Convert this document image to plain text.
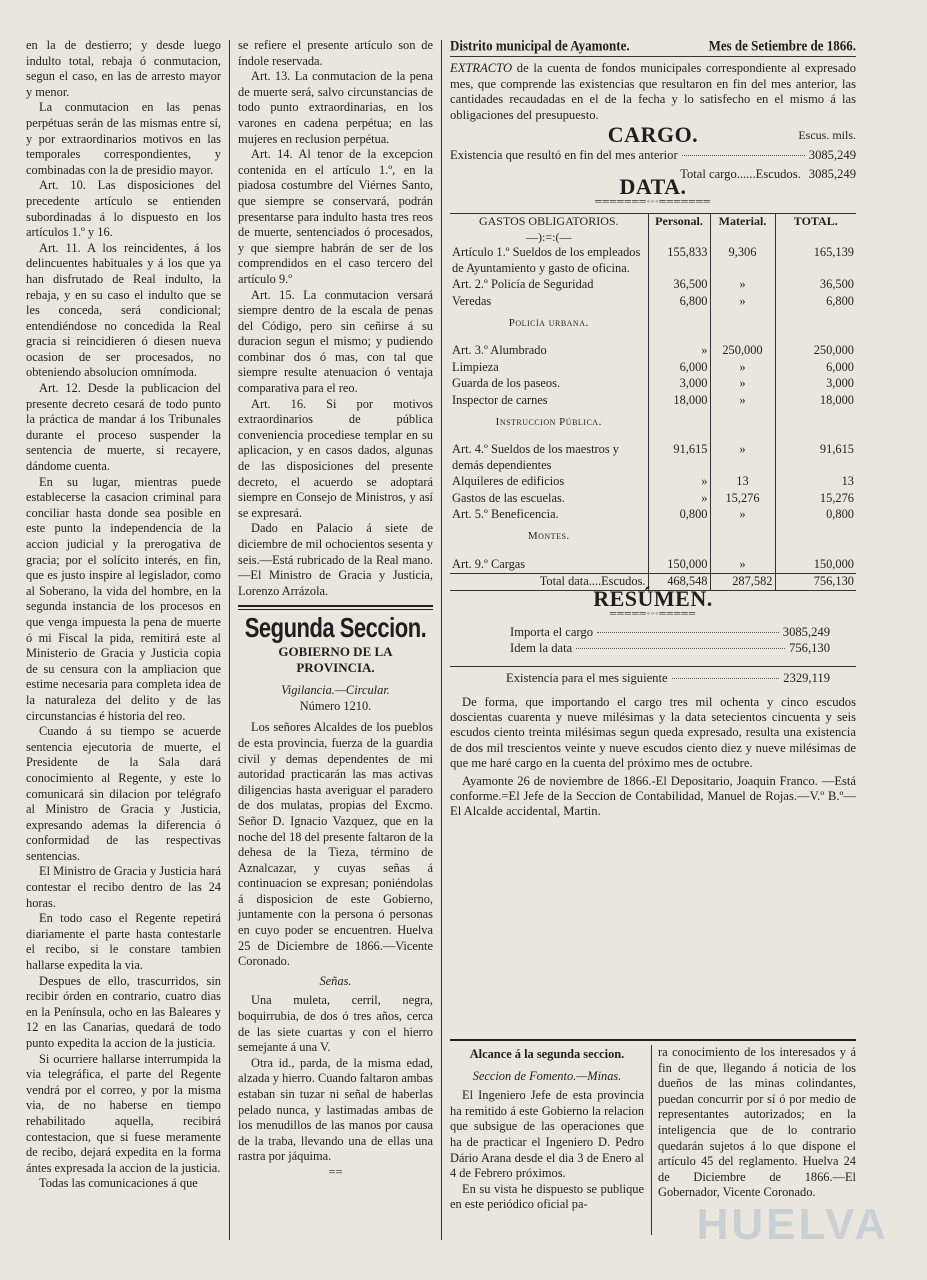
en la de destierro; y desde luego indulto total, rebaja ó conmutacion, segun el caso, en las de arresto mayor y menor.

La conmutacion en las penas perpétuas serán de las mismas entre sí, y por extraordinarios motivos en las temporales correspondientes, y combinadas con la de presidio mayor.

Art. 10. Las disposiciones del precedente artículo se entienden subordinadas á lo dispuesto en los artículos 1.º y 16.

Art. 11. A los reincidentes, á los delincuentes habituales y á los que ya han disfrutado de Real indulto, la rebaja, y en su caso el indulto que se les conceda, será condicional; entendiéndose no concedida la Real gracia si reincidieren ó diesen nueva ocasion de ser procesados, no obteniendo absolucion omnímoda.

Art. 12. Desde la publicacion del presente decreto cesará de todo punto la práctica de mandar á los Tribunales durante el proceso suspender la sentencia de muerte, si recayere, dándome cuenta.

En su lugar, mientras puede establecerse la casacion criminal para conciliar hasta donde sea posible en este punto la independencia de la accion judicial y la prerogativa de gracia; por el solícito interés, en fin, que es justo inspire al legislador, como al Soberano, la vida del hombre, en la segunda instancia de los procesos en que venga impuesta la pena de muerte ó mi Fiscal la pida, remitirá este al Ministerio de Gracia y Justicia copia de su censura con la ampliacion que estime necesaria para completa idea de la naturaleza del delito y de las circunstancias é historia del reo.

Cuando á su tiempo se acuerde sentencia ejecutoria de muerte, el Presidente de la Sala dará conocimiento al Regente, y este lo comunicará sin dilacion por telégrafo al Ministro de Gracia y Justicia, expresando ademas la diferencia ó conformidad de las respectivas sentencias.

El Ministro de Gracia y Justicia hará contestar el recibo dentro de las 24 horas.

En todo caso el Regente repetirá diariamente el parte hasta contestarle el recibo, si le constare tambien hallarse expedita la via.

Despues de ello, trascurridos, sin recibir órden en contrario, cuatro dias en la Península, ocho en las Baleares y 12 en las Canarias, quedará de todo punto expedita la accion de la justicia.

Si ocurriere hallarse interrumpida la via telegráfica, el parte del Regente vendrá por el correo, y por la misma via, de no haberse en tiempo rehabilitado aquella, recibirá contestacion, que si fuese meramente de recibo, dejará expedita en la forma ántes expresada la accion de la justicia.

Todas las comunicaciones á que

se refiere el presente artículo son de índole reservada.

Art. 13. La conmutacion de la pena de muerte será, salvo circunstancias de todo punto extraordinarias, en los varones en cadena perpétua; en las mujeres en reclusion perpétua.

Art. 14. Al tenor de la excepcion contenida en el artículo 1.º, en la piadosa costumbre del Viérnes Santo, que siempre se conservará, podrán presentarse para indulto hasta tres reos de muerte, sentenciados ó procesados, y que siempre habrán de ser de los comprendidos en el caso tercero del artículo 9.º

Art. 15. La conmutacion versará siempre dentro de la escala de penas del Código, pero sin ceñirse á su duracion segun el mismo; y pudiendo combinar dos ó mas, con tal que siempre resulte atenuacion ó ventaja comparativa para el reo.

Art. 16. Si por motivos extraordinarios de pública conveniencia procediese templar en su aplicacion, y en casos dados, algunas de las disposiciones del presente decreto, el acuerdo se adoptará siempre en Consejo de Ministros, y así se expresará.

Dado en Palacio á siete de diciembre de mil ochocientos sesenta y seis.—Está rubricado de la Real mano.—El Ministro de Gracia y Justicia, Lorenzo Arrázola.

Segunda Seccion.
GOBIERNO DE LA PROVINCIA.

Vigilancia.—Circular.

Número 1210.

Los señores Alcaldes de los pueblos de esta provincia, fuerza de la guardia civil y demas dependentes de mi autoridad practicarán las mas activas diligencias hasta averiguar el paradero de dos mulatas, propias del Excmo. Señor D. Ignacio Vazquez, que en la noche del 18 del presente faltaron de la dehesa de la Tieza, término de Aznalcazar, y cuyas señas á continuacion se expresan; poniéndolas á disposicion de este Gobierno, juntamente con la persona ó personas en cuyo poder se encuentren. Huelva 25 de Diciembre de 1866.—Vicente Coronado.

Señas.

Una muleta, cerril, negra, boquirrubia, de dos ó tres años, cerca de las siete cuartas y con el hierro semejante á una V.

Otra id., parda, de la misma edad, alzada y hierro. Cuando faltaron ambas estaban sin tuzar ni señal de haberlas pelado nunca, y lastimadas ambas de los menudillos de las manos por causa de la traba, llevando una de ellas una rastra por jáquima.

==

Distrito municipal de Ayamonte.	Mes de Setiembre de 1866.

EXTRACTO de la cuenta de fondos municipales correspondiente al expresado mes, que comprende las existencias que resultaron en fin del mes anterior, las cantidades recaudadas en el de la fecha y lo satisfecho en el mismo á las obligaciones del presupuesto.

CARGO.	Escus. mils.
Existencia que resultó en fin del mes anterior	3085,249
Total cargo......Escudos. 3085,249
DATA.
═══════◦◦◦═══════
GASTOS OBLIGATORIOS.
—):=:(—	Personal.	Material.	TOTAL.
Artículo 1.º Sueldos de los empleados de Ayuntamiento y gasto de oficina.	155,833	9,306	165,139
Art. 2.º Policía de Seguridad	36,500	»	36,500
Veredas	6,800	»	6,800
Policía urbana.			
Art. 3.º Alumbrado	»	250,000	250,000
Limpieza	6,000	»	6,000
Guarda de los paseos.	3,000	»	3,000
Inspector de carnes	18,000	»	18,000
Instruccion Pública.			
Art. 4.º Sueldos de los maestros y demás dependientes	91,615	»	91,615
Alquileres de edificios	»	13	13
Gastos de las escuelas.	»	15,276	15,276
Art. 5.º Beneficencia.	0,800	»	0,800
Montes.			
Art. 9.º Cargas	150,000	»	150,000
Total data....Escudos.	468,548	287,582	756,130
RESÚMEN.
═════◦◦◦═════
Importa el cargo	3085,249
Idem la data	756,130
Existencia para el mes siguiente	2329,119

De forma, que importando el cargo tres mil ochenta y cinco escudos doscientas cuarenta y nueve milésimas y la data setecientos cincuenta y seis escudos ciento treinta milésimas segun queda expresado, resulta una existencia de dos mil trescientos veinte y nueve escudos ciento diez y nueve milésimas de que me haré cargo en la cuenta del próximo mes de octubre.

Ayamonte 26 de noviembre de 1866.-El Depositario, Joaquin Franco. —Está conforme.=El Jefe de la Seccion de Contabilidad, Manuel de Rojas.—V.º B.º—El Alcalde accidental, Martin.

Alcance á la segunda seccion.
Seccion de Fomento.—Minas.

El Ingeniero Jefe de esta provincia ha remitido á este Gobierno la relacion que subsigue de las operaciones que ha de practicar el Ingeniero D. Pedro Dário Arana desde el dia 3 de Enero al 4 de Febrero próximos.

En su vista he dispuesto se publique en este periódico oficial pa-

ra conocimiento de los interesados y á fin de que, llegando á noticia de los dueños de las minas colindantes, puedan concurrir por sí ó por medio de representantes autorizados; en la inteligencia que de lo contrario quedarán sujetos á lo que dispone el artículo 45 del reglamento. Huelva 24 de Diciembre de 1866.—El Gobernador, Vicente Coronado.

HUELVA
